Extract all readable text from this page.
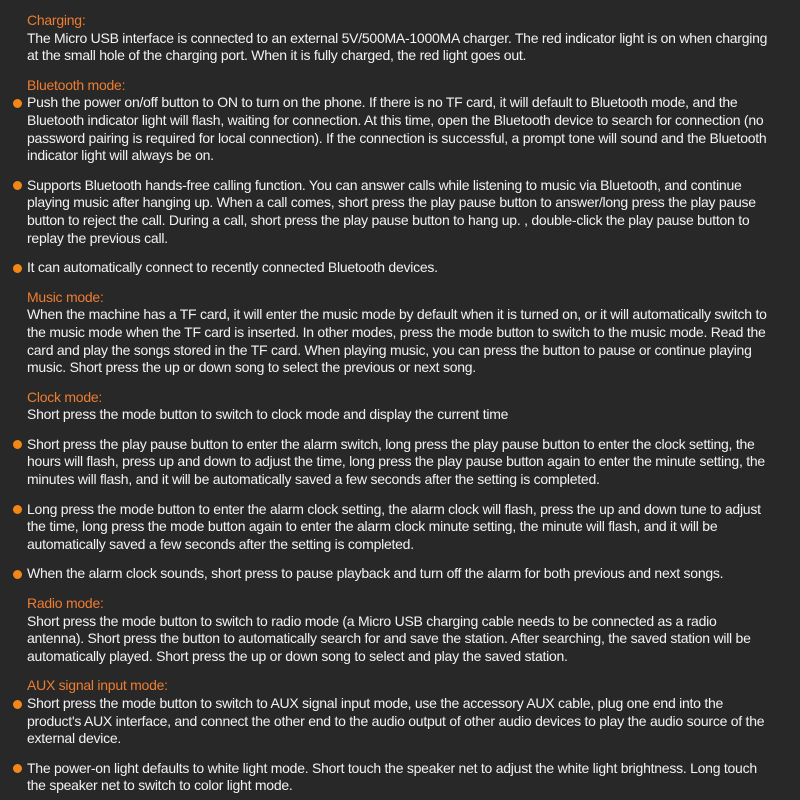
Charging:
The Micro USB interface is connected to an external 5V/500MA-1000MA charger. The red indicator light is on when charging at the small hole of the charging port. When it is fully charged, the red light goes out.
Bluetooth mode:
Push the power on/off button to ON to turn on the phone. If there is no TF card, it will default to Bluetooth mode, and the Bluetooth indicator light will flash, waiting for connection. At this time, open the Bluetooth device to search for connection (no password pairing is required for local connection). If the connection is successful, a prompt tone will sound and the Bluetooth indicator light will always be on.
Supports Bluetooth hands-free calling function. You can answer calls while listening to music via Bluetooth, and continue playing music after hanging up. When a call comes, short press the play pause button to answer/long press the play pause button to reject the call. During a call, short press the play pause button to hang up. , double-click the play pause button to replay the previous call.
It can automatically connect to recently connected Bluetooth devices.
Music mode:
When the machine has a TF card, it will enter the music mode by default when it is turned on, or it will automatically switch to the music mode when the TF card is inserted. In other modes, press the mode button to switch to the music mode. Read the card and play the songs stored in the TF card. When playing music, you can press the button to pause or continue playing music. Short press the up or down song to select the previous or next song.
Clock mode:
Short press the mode button to switch to clock mode and display the current time
Short press the play pause button to enter the alarm switch, long press the play pause button to enter the clock setting, the hours will flash, press up and down to adjust the time, long press the play pause button again to enter the minute setting, the minutes will flash, and it will be automatically saved a few seconds after the setting is completed.
Long press the mode button to enter the alarm clock setting, the alarm clock will flash, press the up and down tune to adjust the time, long press the mode button again to enter the alarm clock minute setting, the minute will flash, and it will be automatically saved a few seconds after the setting is completed.
When the alarm clock sounds, short press to pause playback and turn off the alarm for both previous and next songs.
Radio mode:
Short press the mode button to switch to radio mode (a Micro USB charging cable needs to be connected as a radio antenna). Short press the button to automatically search for and save the station. After searching, the saved station will be automatically played. Short press the up or down song to select and play the saved station.
AUX signal input mode:
Short press the mode button to switch to AUX signal input mode, use the accessory AUX cable, plug one end into the product's AUX interface, and connect the other end to the audio output of other audio devices to play the audio source of the external device.
The power-on light defaults to white light mode. Short touch the speaker net to adjust the white light brightness. Long touch the speaker net to switch to color light mode.
